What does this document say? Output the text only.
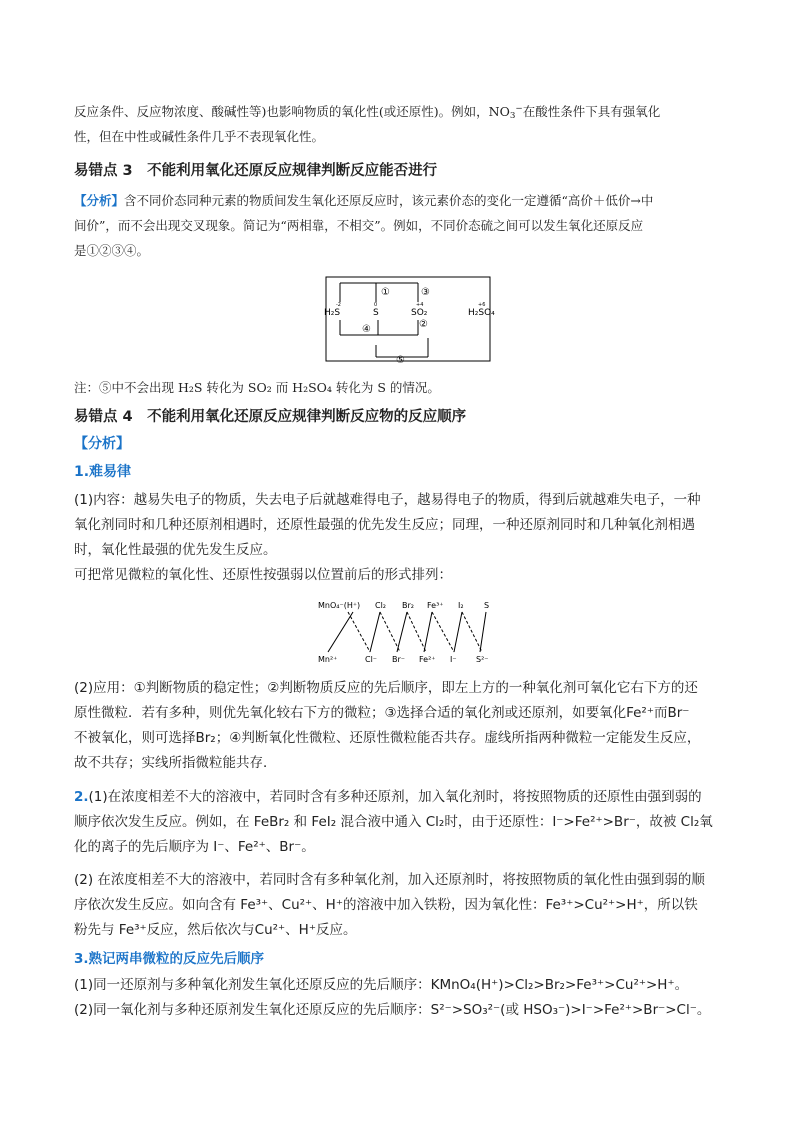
反应条件、反应物浓度、酸碱性等)也影响物质的氧化性(或还原性)。例如，$NO_3^-$在酸性条件下具有强氧化
性，但在中性或碱性条件几乎不表现氧化性。

易错点 3　不能利用氧化还原反应规律判断反应能否进行

【分析】含不同价态同种元素的物质间发生氧化还原反应时，该元素价态的变化一定遵循“高价＋低价→中
间价”，而不会出现交叉现象。简记为“两相靠，不相交”。例如，不同价态硫之间可以发生氧化还原反应
是①②③④。

①	③
④	②
⑤
-2	0	+4	+6
H₂S	S	SO₂	H₂SO₄

注：⑤中不会出现 H₂S 转化为 SO₂ 而 H₂SO₄ 转化为 S 的情况。

易错点 4　不能利用氧化还原反应规律判断反应物的反应顺序

【分析】

1.难易律

(1)内容：越易失电子的物质，失去电子后就越难得电子，越易得电子的物质，得到后就越难失电子，一种
氧化剂同时和几种还原剂相遇时，还原性最强的优先发生反应；同理，一种还原剂同时和几种氧化剂相遇
时，氧化性最强的优先发生反应。
可把常见微粒的氧化性、还原性按强弱以位置前后的形式排列：

MnO₄⁻(H⁺) Cl₂ Br₂ Fe³⁺ I₂	S
Mn²⁺	Cl⁻ Br⁻ Fe²⁺ I⁻ S²⁻

(2)应用：①判断物质的稳定性；②判断物质反应的先后顺序，即左上方的一种氧化剂可氧化它右下方的还
原性微粒．若有多种，则优先氧化较右下方的微粒；③选择合适的氧化剂或还原剂，如要氧化Fe²⁺而Br⁻
不被氧化，则可选择Br₂；④判断氧化性微粒、还原性微粒能否共存。虚线所指两种微粒一定能发生反应，
故不共存；实线所指微粒能共存．

2.(1)在浓度相差不大的溶液中，若同时含有多种还原剂，加入氧化剂时，将按照物质的还原性由强到弱的
顺序依次发生反应。例如，在 FeBr₂ 和 FeI₂ 混合液中通入 Cl₂时，由于还原性：I⁻>Fe²⁺>Br⁻，故被 Cl₂氧
化的离子的先后顺序为 I⁻、Fe²⁺、Br⁻。

(2) 在浓度相差不大的溶液中，若同时含有多种氧化剂，加入还原剂时，将按照物质的氧化性由强到弱的顺
序依次发生反应。如向含有 Fe³⁺、Cu²⁺、H⁺的溶液中加入铁粉，因为氧化性：Fe³⁺>Cu²⁺>H⁺，所以铁
粉先与 Fe³⁺反应，然后依次与Cu²⁺、H⁺反应。

3.熟记两串微粒的反应先后顺序

(1)同一还原剂与多种氧化剂发生氧化还原反应的先后顺序：KMnO₄(H⁺)>Cl₂>Br₂>Fe³⁺>Cu²⁺>H⁺。
(2)同一氧化剂与多种还原剂发生氧化还原反应的先后顺序：S²⁻>SO₃²⁻(或 HSO₃⁻)>I⁻>Fe²⁺>Br⁻>Cl⁻。
